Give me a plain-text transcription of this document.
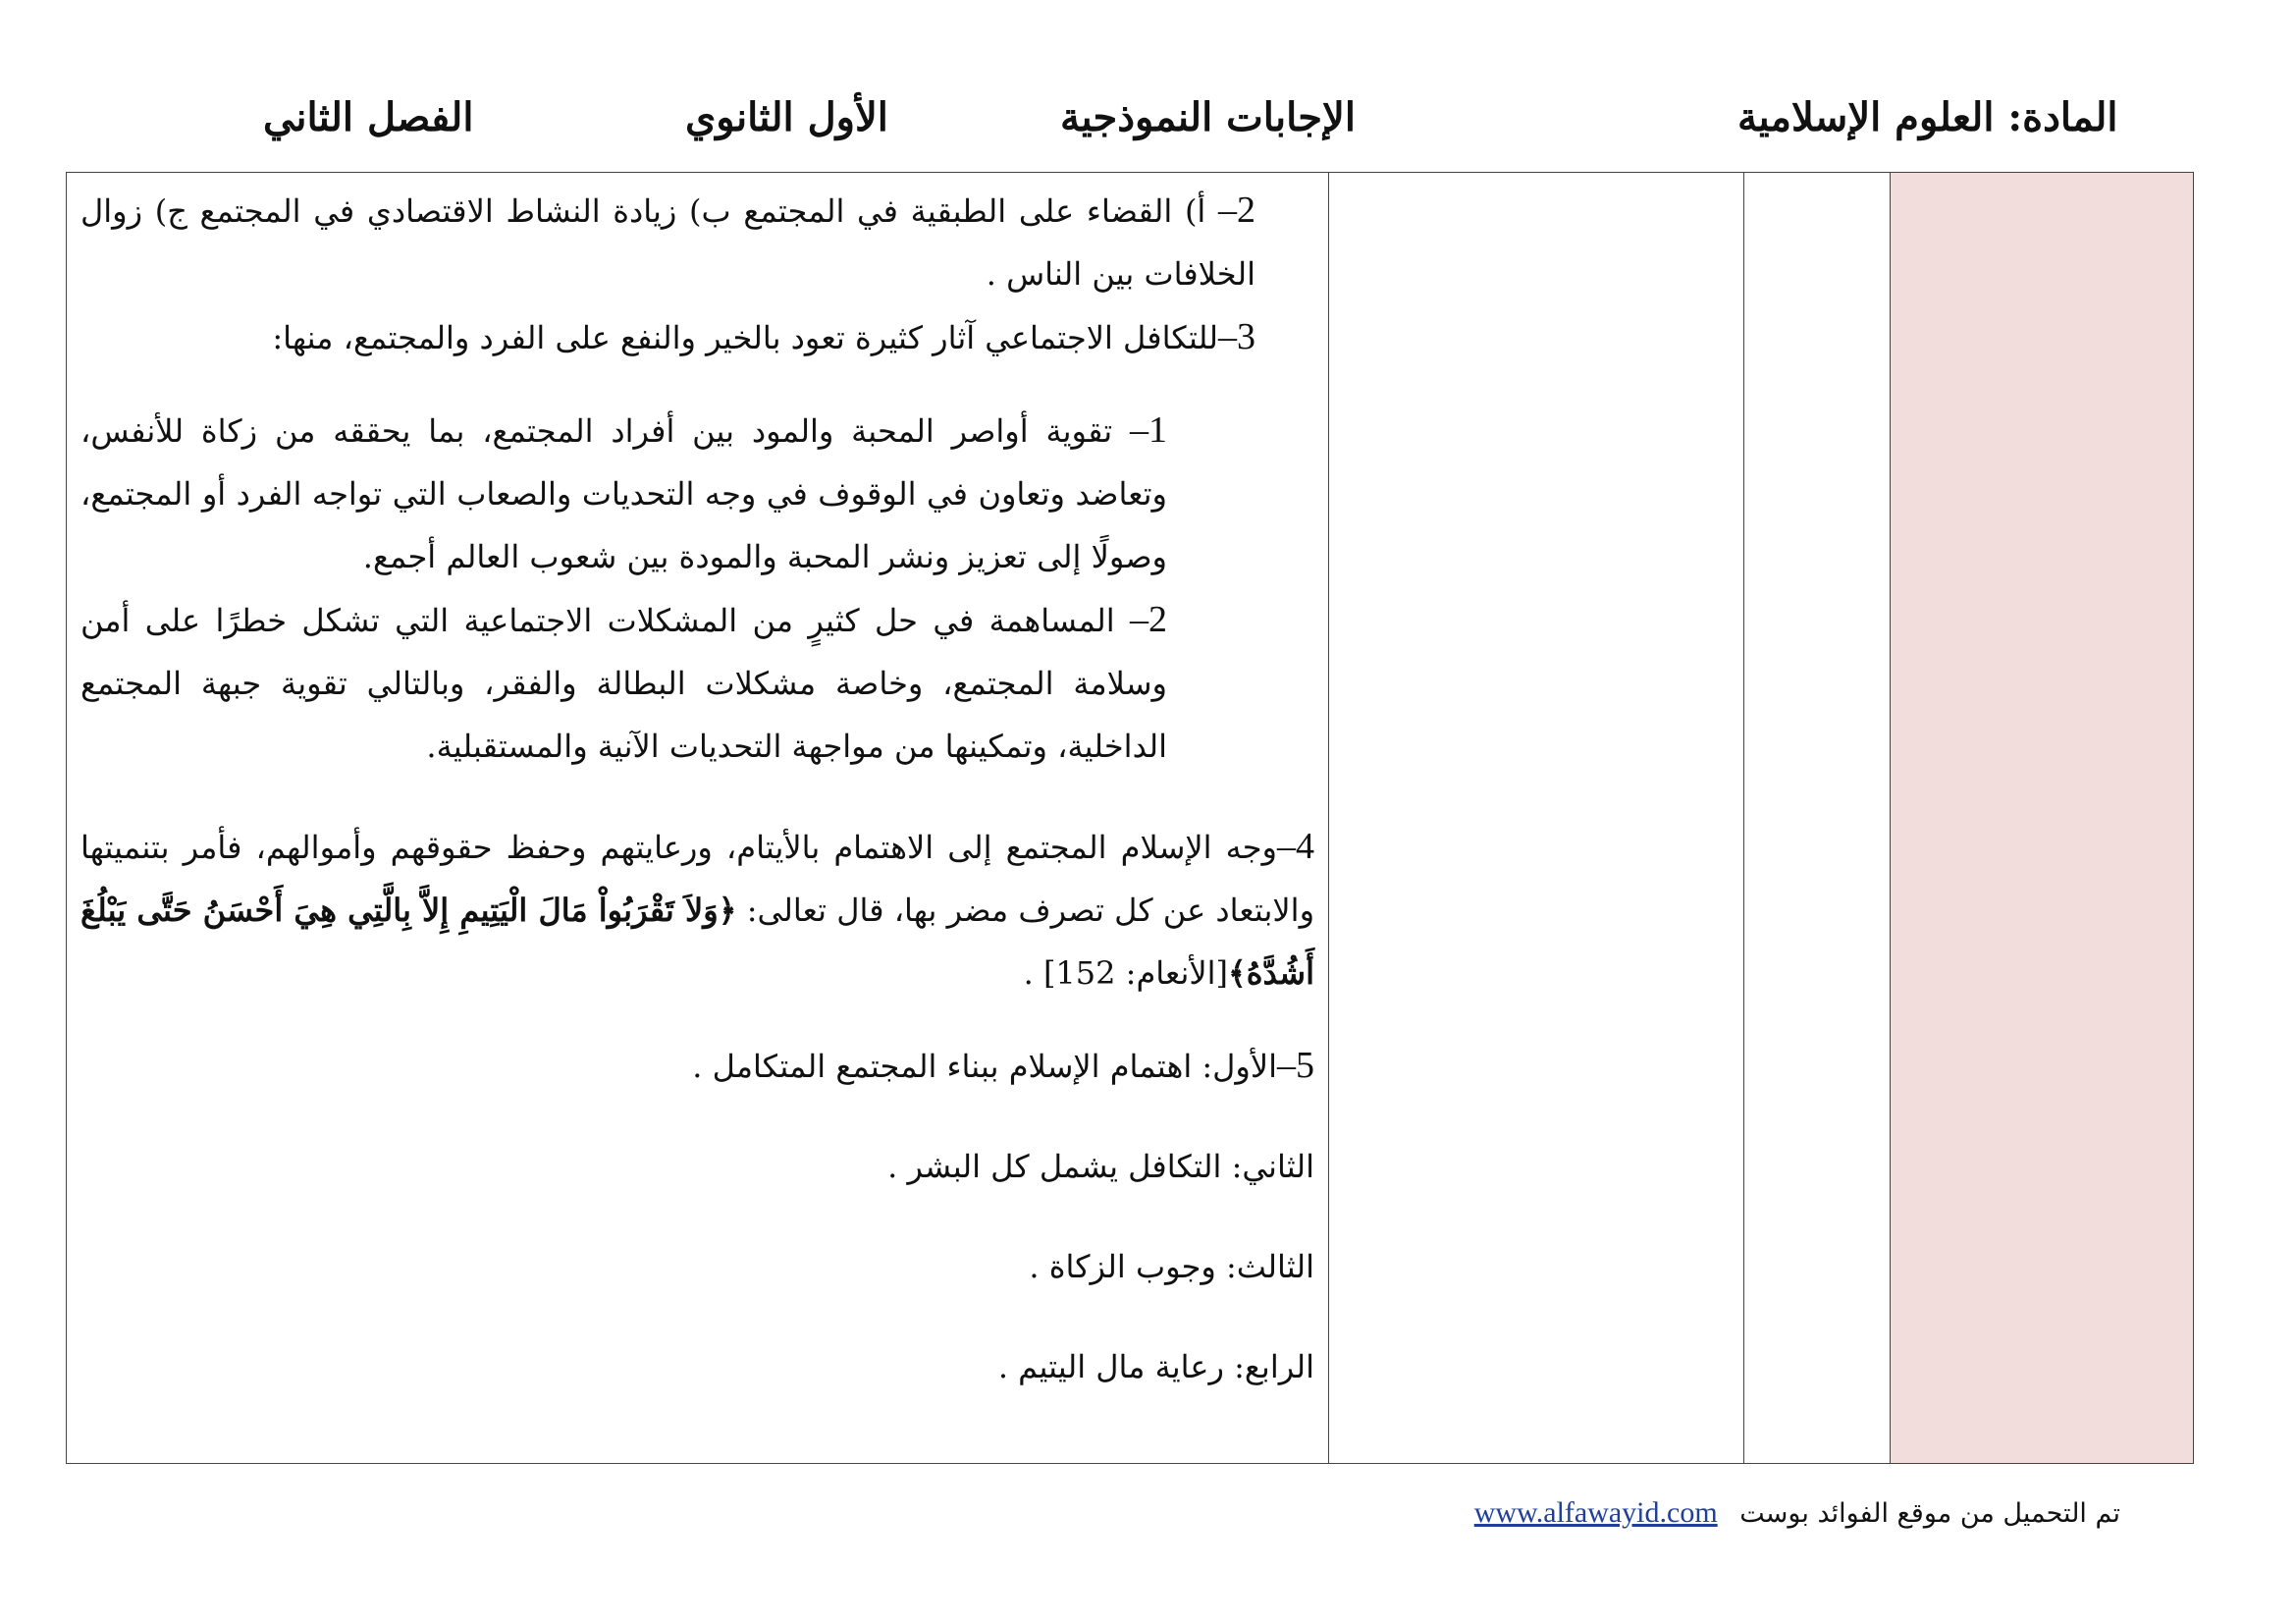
المادة: العلوم الإسلامية
الإجابات النموذجية
الأول الثانوي
الفصل الثاني

2– أ) القضاء على الطبقية في المجتمع ب) زيادة النشاط الاقتصادي في المجتمع ج) زوال الخلافات بين الناس .

3–للتكافل الاجتماعي آثار كثيرة تعود بالخير والنفع على الفرد والمجتمع، منها:

1– تقوية أواصر المحبة والمود بين أفراد المجتمع، بما يحققه من زكاة للأنفس، وتعاضد وتعاون في الوقوف في وجه التحديات والصعاب التي تواجه الفرد أو المجتمع، وصولًا إلى تعزيز ونشر المحبة والمودة بين شعوب العالم أجمع.

2– المساهمة في حل كثيرٍ من المشكلات الاجتماعية التي تشكل خطرًا على أمن وسلامة المجتمع، وخاصة مشكلات البطالة والفقر، وبالتالي تقوية جبهة المجتمع الداخلية، وتمكينها من مواجهة التحديات الآنية والمستقبلية.

4–وجه الإسلام المجتمع إلى الاهتمام بالأيتام، ورعايتهم وحفظ حقوقهم وأموالهم، فأمر بتنميتها والابتعاد عن كل تصرف مضر بها، قال تعالى: ﴿وَلاَ تَقْرَبُواْ مَالَ الْيَتِيمِ إِلاَّ بِالَّتِي هِيَ أَحْسَنُ حَتَّى يَبْلُغَ أَشُدَّهُ﴾[الأنعام: 152] .

5–الأول: اهتمام الإسلام ببناء المجتمع المتكامل .

الثاني: التكافل يشمل كل البشر .

الثالث: وجوب الزكاة .

الرابع: رعاية مال اليتيم .

تم التحميل من موقع الفوائد بوست www.alfawayid.com
